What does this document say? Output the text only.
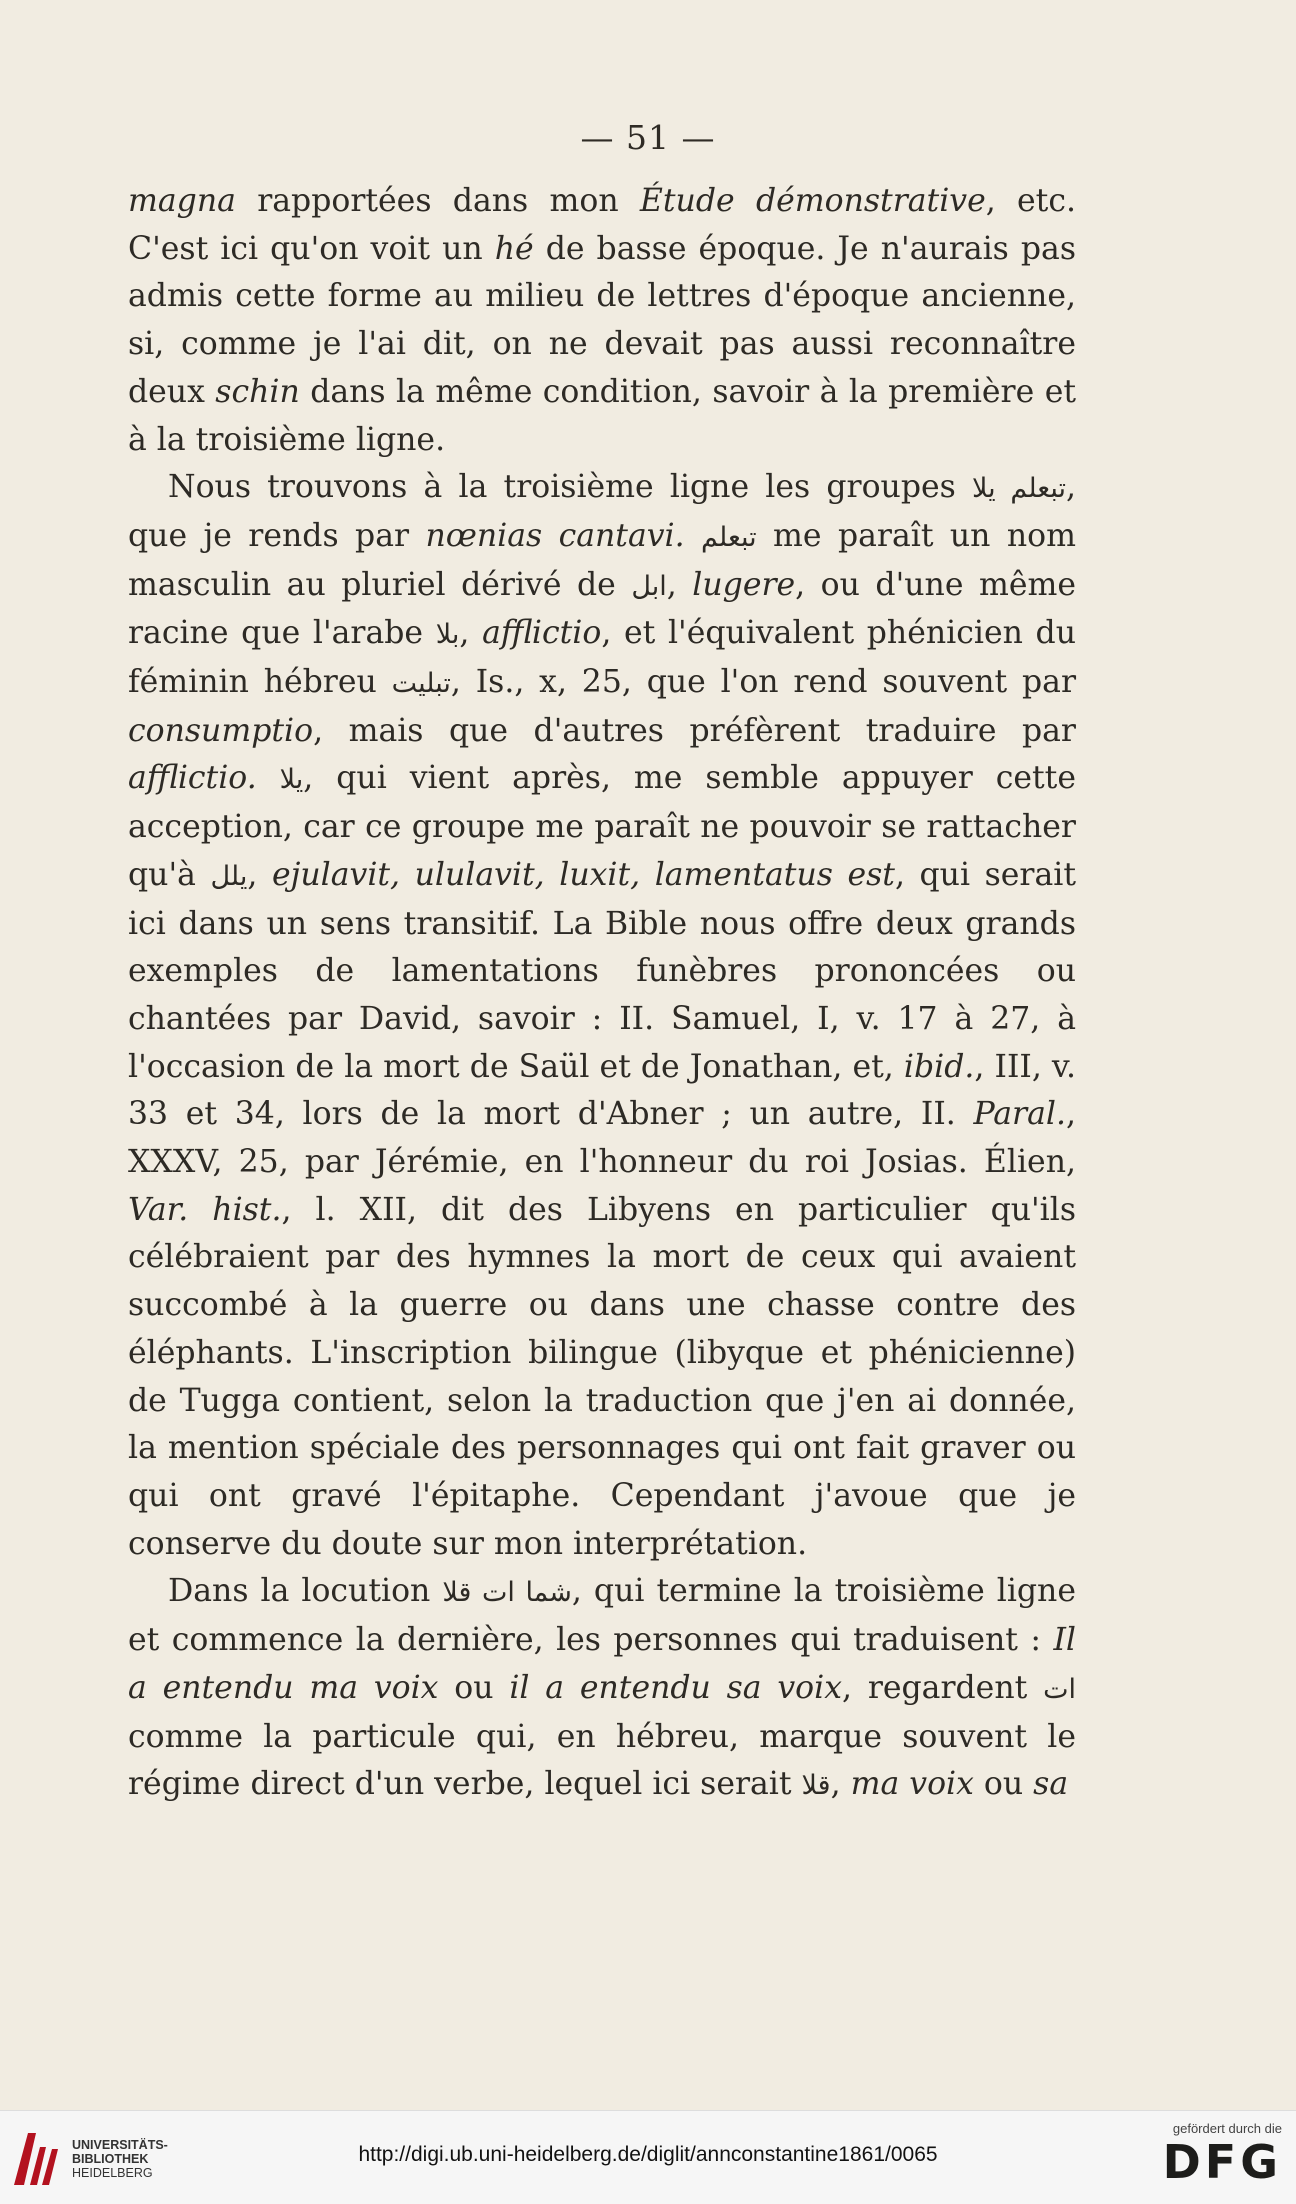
— 51 —

magna rapportées dans mon Étude démonstrative, etc. C'est ici qu'on voit un hé de basse époque. Je n'aurais pas admis cette forme au milieu de lettres d'époque ancienne, si, comme je l'ai dit, on ne devait pas aussi reconnaître deux schin dans la même condition, savoir à la première et à la troisième ligne.

Nous trouvons à la troisième ligne les groupes تبعلم يلا, que je rends par nœnias cantavi. تبعلم me paraît un nom masculin au pluriel dérivé de ابل, lugere, ou d'une même racine que l'arabe بلا, afflictio, et l'équivalent phénicien du féminin hébreu تبليت, Is., x, 25, que l'on rend souvent par consumptio, mais que d'autres préfèrent traduire par afflictio. يلا, qui vient après, me semble appuyer cette acception, car ce groupe me paraît ne pouvoir se rattacher qu'à يلل, ejulavit, ululavit, luxit, lamentatus est, qui serait ici dans un sens transitif. La Bible nous offre deux grands exemples de lamentations funèbres prononcées ou chantées par David, savoir : II. Samuel, I, v. 17 à 27, à l'occasion de la mort de Saül et de Jonathan, et, ibid., III, v. 33 et 34, lors de la mort d'Abner ; un autre, II. Paral., XXXV, 25, par Jérémie, en l'honneur du roi Josias. Élien, Var. hist., l. XII, dit des Libyens en particulier qu'ils célébraient par des hymnes la mort de ceux qui avaient succombé à la guerre ou dans une chasse contre des éléphants. L'inscription bilingue (libyque et phénicienne) de Tugga contient, selon la traduction que j'en ai donnée, la mention spéciale des personnages qui ont fait graver ou qui ont gravé l'épitaphe. Cependant j'avoue que je conserve du doute sur mon interprétation.

Dans la locution شما ات قلا, qui termine la troisième ligne et commence la dernière, les personnes qui traduisent : Il a entendu ma voix ou il a entendu sa voix, regardent ات comme la particule qui, en hébreu, marque souvent le régime direct d'un verbe, lequel ici serait قلا, ma voix ou sa

UNIVERSITÄTS-
BIBLIOTHEK
HEIDELBERG
http://digi.ub.uni-heidelberg.de/diglit/annconstantine1861/0065
gefördert durch die
DFG
